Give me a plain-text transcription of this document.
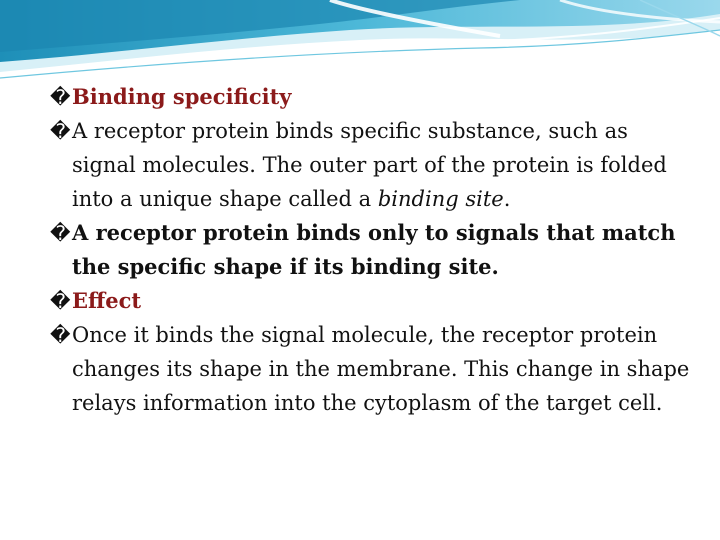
� Binding specificity

� A receptor protein binds specific substance, such as signal molecules. The outer part of the protein is folded into a unique shape called a binding site.

� A receptor protein binds only to signals that match the specific shape if its binding site.

� Effect

� Once it binds the signal molecule, the receptor protein changes its shape in the membrane. This change in shape relays information into the cytoplasm of the target cell.
